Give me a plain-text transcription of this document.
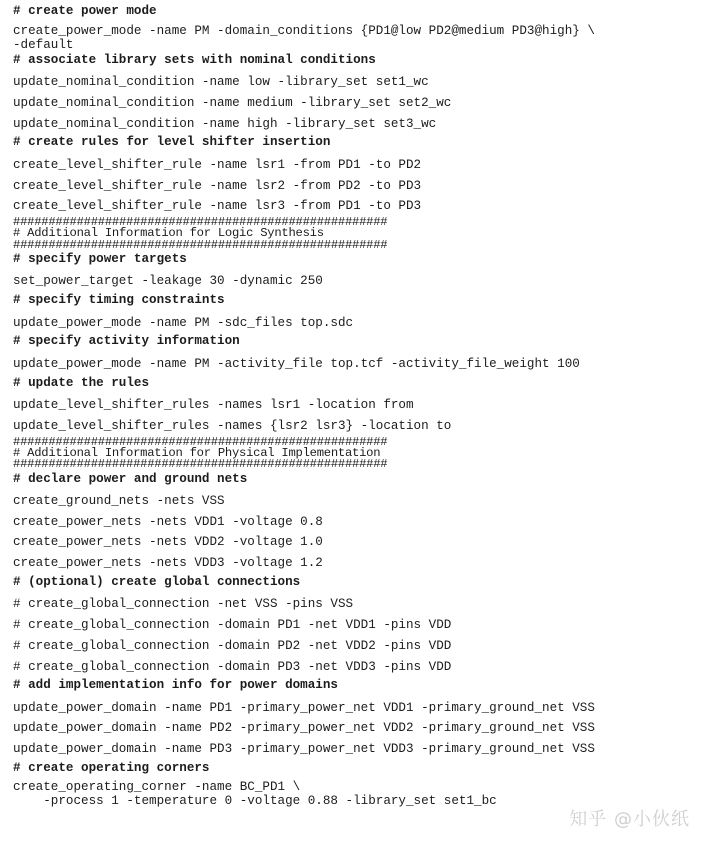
# create power mode
create_power_mode -name PM -domain_conditions {PD1@low PD2@medium PD3@high} \
-default
# associate library sets with nominal conditions
update_nominal_condition -name low -library_set set1_wc
update_nominal_condition -name medium -library_set set2_wc
update_nominal_condition -name high -library_set set3_wc
# create rules for level shifter insertion
create_level_shifter_rule -name lsr1 -from PD1 -to PD2
create_level_shifter_rule -name lsr2 -from PD2 -to PD3
create_level_shifter_rule -name lsr3 -from PD1 -to PD3
#####################################################
# Additional Information for Logic Synthesis
#####################################################
# specify power targets
set_power_target -leakage 30 -dynamic 250
# specify timing constraints
update_power_mode -name PM -sdc_files top.sdc
# specify activity information
update_power_mode -name PM -activity_file top.tcf -activity_file_weight 100
# update the rules
update_level_shifter_rules -names lsr1 -location from
update_level_shifter_rules -names {lsr2 lsr3} -location to
#####################################################
# Additional Information for Physical Implementation
#####################################################
# declare power and ground nets
create_ground_nets -nets VSS
create_power_nets -nets VDD1 -voltage 0.8
create_power_nets -nets VDD2 -voltage 1.0
create_power_nets -nets VDD3 -voltage 1.2
# (optional) create global connections
# create_global_connection -net VSS -pins VSS
# create_global_connection -domain PD1 -net VDD1 -pins VDD
# create_global_connection -domain PD2 -net VDD2 -pins VDD
# create_global_connection -domain PD3 -net VDD3 -pins VDD
# add implementation info for power domains
update_power_domain -name PD1 -primary_power_net VDD1 -primary_ground_net VSS
update_power_domain -name PD2 -primary_power_net VDD2 -primary_ground_net VSS
update_power_domain -name PD3 -primary_power_net VDD3 -primary_ground_net VSS
# create operating corners
create_operating_corner -name BC_PD1 \
-process 1 -temperature 0 -voltage 0.88 -library_set set1_bc
知乎 @小伙纸
